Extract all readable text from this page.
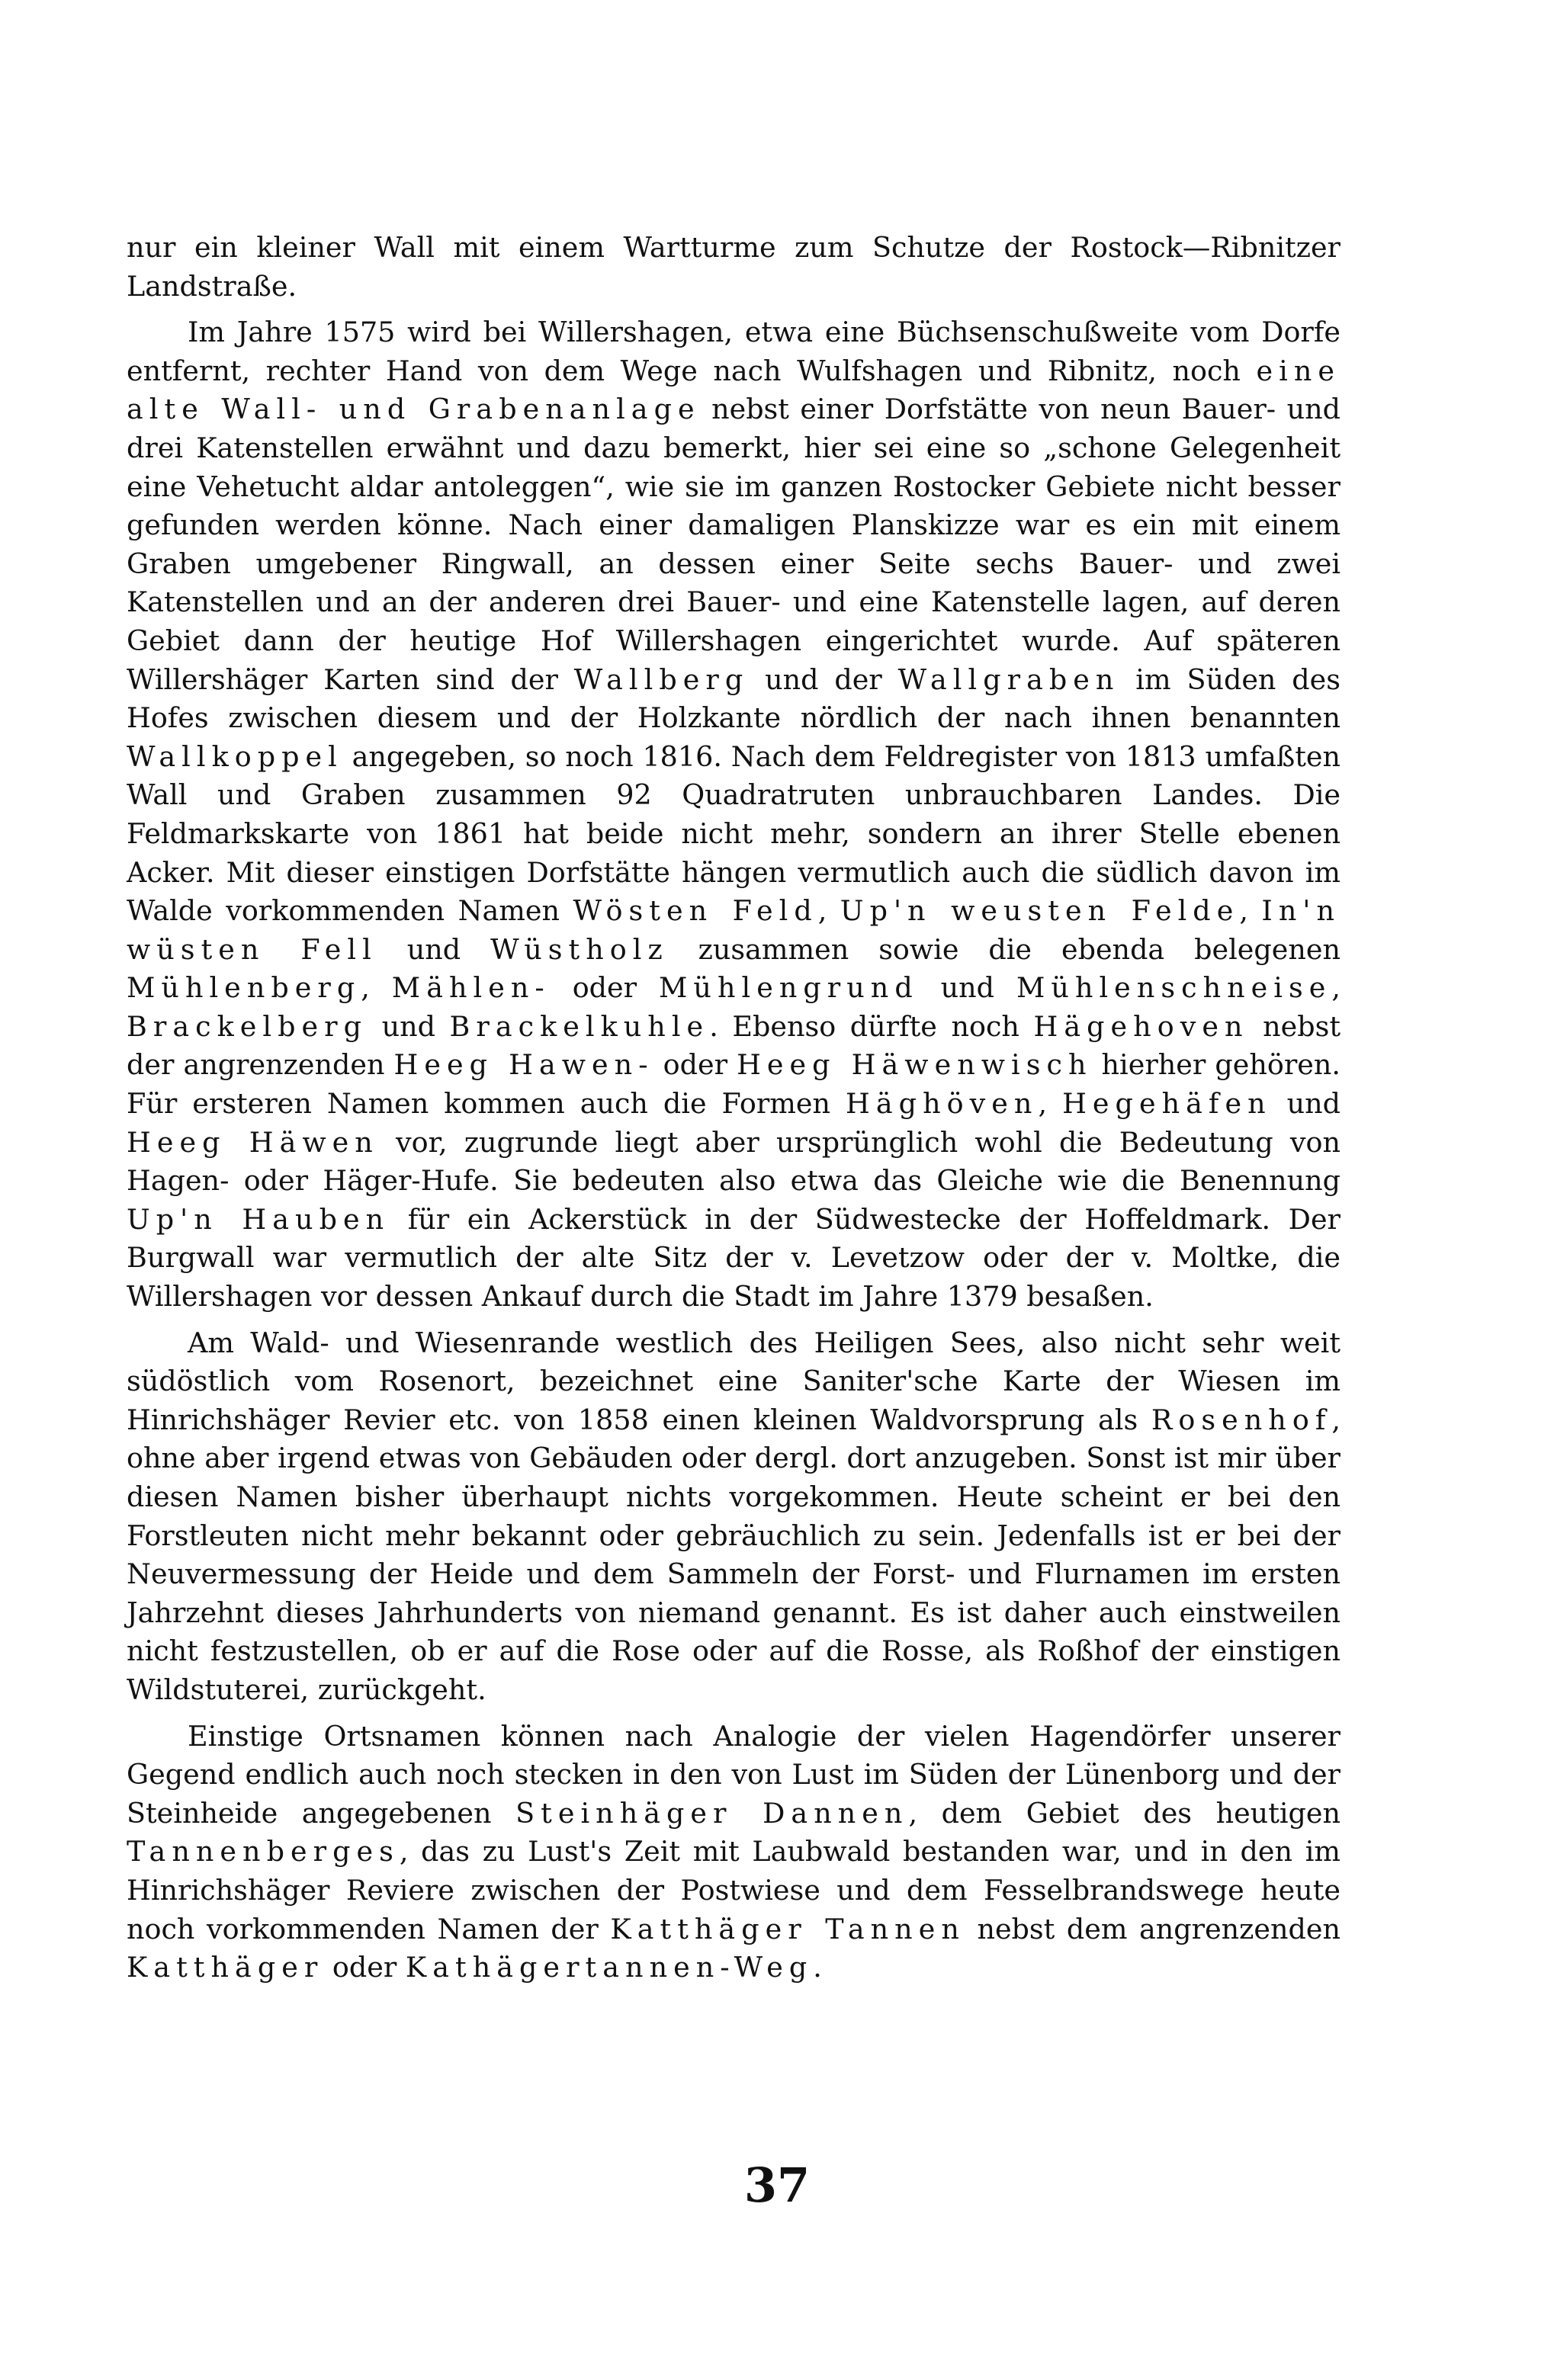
nur ein kleiner Wall mit einem Wartturme zum Schutze der Rostock—Ribnitzer Landstraße.

Im Jahre 1575 wird bei Willershagen, etwa eine Büchsenschußweite vom Dorfe entfernt, rechter Hand von dem Wege nach Wulfshagen und Ribnitz, noch eine alte Wall- und Grabenanlage nebst einer Dorfstätte von neun Bauer- und drei Katenstellen erwähnt und dazu bemerkt, hier sei eine so „schone Gelegenheit eine Vehetucht aldar antoleggen“, wie sie im ganzen Rostocker Gebiete nicht besser gefunden werden könne. Nach einer damaligen Planskizze war es ein mit einem Graben umgebener Ringwall, an dessen einer Seite sechs Bauer- und zwei Katenstellen und an der anderen drei Bauer- und eine Katenstelle lagen, auf deren Gebiet dann der heutige Hof Willershagen eingerichtet wurde. Auf späteren Willershäger Karten sind der Wallberg und der Wallgraben im Süden des Hofes zwischen diesem und der Holzkante nördlich der nach ihnen benannten Wallkoppel angegeben, so noch 1816. Nach dem Feldregister von 1813 umfaßten Wall und Graben zusammen 92 Quadratruten unbrauchbaren Landes. Die Feldmarkskarte von 1861 hat beide nicht mehr, sondern an ihrer Stelle ebenen Acker. Mit dieser einstigen Dorfstätte hängen vermutlich auch die südlich davon im Walde vorkommenden Namen Wösten Feld, Up'n weusten Felde, In'n wüsten Fell und Wüstholz zusammen sowie die ebenda belegenen Mühlenberg, Mählen- oder Mühlengrund und Mühlenschneise, Brackelberg und Brackelkuhle. Ebenso dürfte noch Hägehoven nebst der angrenzenden Heeg Hawen- oder Heeg Häwenwisch hierher gehören. Für ersteren Namen kommen auch die Formen Häghöven, Hegehäfen und Heeg Häwen vor, zugrunde liegt aber ursprünglich wohl die Bedeutung von Hagen- oder Häger-Hufe. Sie bedeuten also etwa das Gleiche wie die Benennung Up'n Hauben für ein Ackerstück in der Südwestecke der Hoffeldmark. Der Burgwall war vermutlich der alte Sitz der v. Levetzow oder der v. Moltke, die Willershagen vor dessen Ankauf durch die Stadt im Jahre 1379 besaßen.

Am Wald- und Wiesenrande westlich des Heiligen Sees, also nicht sehr weit südöstlich vom Rosenort, bezeichnet eine Saniter'sche Karte der Wiesen im Hinrichshäger Revier etc. von 1858 einen kleinen Waldvorsprung als Rosenhof, ohne aber irgend etwas von Gebäuden oder dergl. dort anzugeben. Sonst ist mir über diesen Namen bisher überhaupt nichts vorgekommen. Heute scheint er bei den Forstleuten nicht mehr bekannt oder gebräuchlich zu sein. Jedenfalls ist er bei der Neuvermessung der Heide und dem Sammeln der Forst- und Flurnamen im ersten Jahrzehnt dieses Jahrhunderts von niemand genannt. Es ist daher auch einstweilen nicht festzustellen, ob er auf die Rose oder auf die Rosse, als Roßhof der einstigen Wildstuterei, zurückgeht.

Einstige Ortsnamen können nach Analogie der vielen Hagendörfer unserer Gegend endlich auch noch stecken in den von Lust im Süden der Lünenborg und der Steinheide angegebenen Steinhäger Dannen, dem Gebiet des heutigen Tannenberges, das zu Lust's Zeit mit Laubwald bestanden war, und in den im Hinrichshäger Reviere zwischen der Postwiese und dem Fesselbrandswege heute noch vorkommenden Namen der Katthäger Tannen nebst dem angrenzenden Katthäger oder Kathägertannen-Weg.

37
